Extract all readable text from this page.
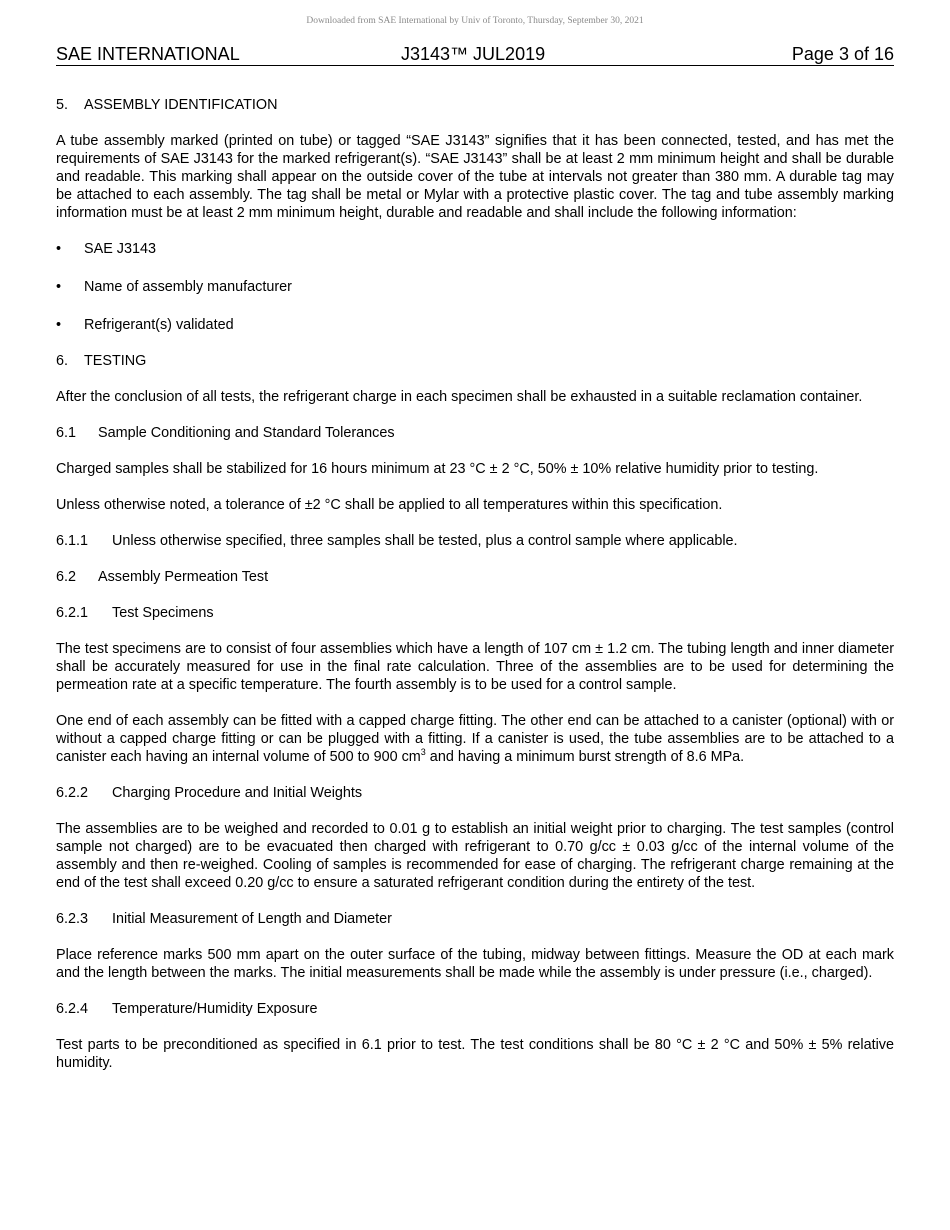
Downloaded from SAE International by Univ of Toronto, Thursday, September 30, 2021
SAE INTERNATIONAL	J3143™ JUL2019	Page 3 of 16
5. ASSEMBLY IDENTIFICATION

A tube assembly marked (printed on tube) or tagged “SAE J3143” signifies that it has been connected, tested, and has met the requirements of SAE J3143 for the marked refrigerant(s). “SAE J3143” shall be at least 2 mm minimum height and shall be durable and readable. This marking shall appear on the outside cover of the tube at intervals not greater than 380 mm. A durable tag may be attached to each assembly. The tag shall be metal or Mylar with a protective plastic cover. The tag and tube assembly marking information must be at least 2 mm minimum height, durable and readable and shall include the following information:

• SAE J3143
• Name of assembly manufacturer
• Refrigerant(s) validated
6. TESTING

After the conclusion of all tests, the refrigerant charge in each specimen shall be exhausted in a suitable reclamation container.

6.1 Sample Conditioning and Standard Tolerances

Charged samples shall be stabilized for 16 hours minimum at 23 °C ± 2 °C, 50% ± 10% relative humidity prior to testing.

Unless otherwise noted, a tolerance of ±2 °C shall be applied to all temperatures within this specification.

6.1.1 Unless otherwise specified, three samples shall be tested, plus a control sample where applicable.
6.2 Assembly Permeation Test
6.2.1 Test Specimens

The test specimens are to consist of four assemblies which have a length of 107 cm ± 1.2 cm. The tubing length and inner diameter shall be accurately measured for use in the final rate calculation. Three of the assemblies are to be used for determining the permeation rate at a specific temperature. The fourth assembly is to be used for a control sample.

One end of each assembly can be fitted with a capped charge fitting. The other end can be attached to a canister (optional) with or without a capped charge fitting or can be plugged with a fitting. If a canister is used, the tube assemblies are to be attached to a canister each having an internal volume of 500 to 900 $cm^3$ and having a minimum burst strength of 8.6 MPa.

6.2.2 Charging Procedure and Initial Weights

The assemblies are to be weighed and recorded to 0.01 g to establish an initial weight prior to charging. The test samples (control sample not charged) are to be evacuated then charged with refrigerant to 0.70 g/cc ± 0.03 g/cc of the internal volume of the assembly and then re-weighed. Cooling of samples is recommended for ease of charging. The refrigerant charge remaining at the end of the test shall exceed 0.20 g/cc to ensure a saturated refrigerant condition during the entirety of the test.

6.2.3 Initial Measurement of Length and Diameter

Place reference marks 500 mm apart on the outer surface of the tubing, midway between fittings. Measure the OD at each mark and the length between the marks. The initial measurements shall be made while the assembly is under pressure (i.e., charged).

6.2.4 Temperature/Humidity Exposure

Test parts to be preconditioned as specified in 6.1 prior to test. The test conditions shall be 80 °C ± 2 °C and 50% ± 5% relative humidity.
